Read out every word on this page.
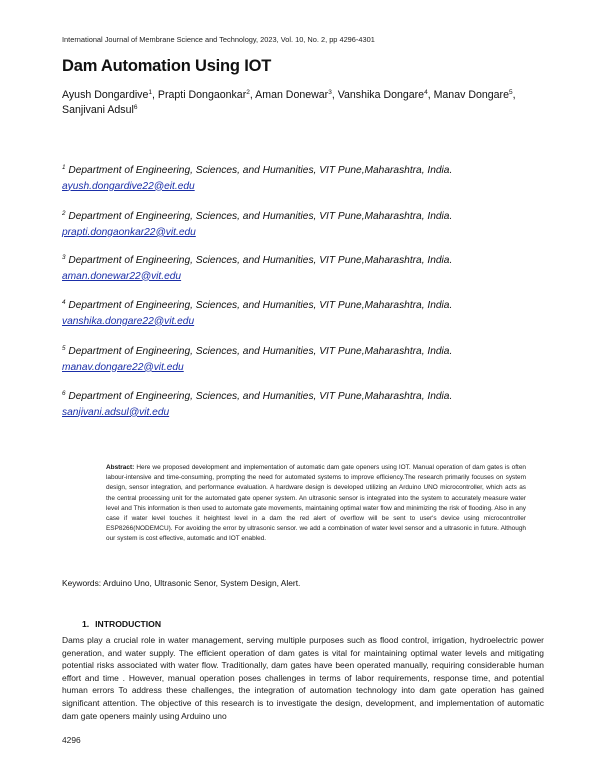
International Journal of Membrane Science and Technology, 2023, Vol. 10, No. 2, pp 4296-4301
Dam Automation Using IOT
Ayush Dongardive$^1$, Prapti Dongaonkar$^2$, Aman Donewar$^3$, Vanshika Dongare$^4$, Manav Dongare$^5$,
Sanjivani Adsul$^6$
$^1$ Department of Engineering, Sciences, and Humanities, VIT Pune,Maharashtra, India.
ayush.dongardive22@eit.edu
$^2$ Department of Engineering, Sciences, and Humanities, VIT Pune,Maharashtra, India.
prapti.dongaonkar22@vit.edu
$^3$ Department of Engineering, Sciences, and Humanities, VIT Pune,Maharashtra, India.
aman.donewar22@vit.edu
$^4$ Department of Engineering, Sciences, and Humanities, VIT Pune,Maharashtra, India.
vanshika.dongare22@vit.edu
$^5$ Department of Engineering, Sciences, and Humanities, VIT Pune,Maharashtra, India.
manav.dongare22@vit.edu
$^6$ Department of Engineering, Sciences, and Humanities, VIT Pune,Maharashtra, India.
sanjivani.adsul@vit.edu
Abstract: Here we proposed development and implementation of automatic dam gate openers using IOT. Manual operation of dam gates is often labour-intensive and time-consuming, prompting the need for automated systems to improve efficiency.The research primarily focuses on system design, sensor integration, and performance evaluation. A hardware design is developed utilizing an Arduino UNO microcontroller, which acts as the central processing unit for the automated gate opener system. An ultrasonic sensor is integrated into the system to accurately measure water level and This information is then used to automate gate movements, maintaining optimal water flow and minimizing the risk of flooding. Also in any case if water level touches it heightest level in a dam the red alert of overflow will be sent to user's device using microcontroller ESP8266(NODEMCU). For avoiding the error by ultrasonic sensor. we add a combination of water level sensor and a ultrasonic in future. Although our system is cost effective, automatic and IOT enabled.
Keywords: Arduino Uno, Ultrasonic Senor, System Design, Alert.
1. INTRODUCTION
Dams play a crucial role in water management, serving multiple purposes such as flood control, irrigation, hydroelectric power generation, and water supply. The efficient operation of dam gates is vital for maintaining optimal water levels and mitigating potential risks associated with water flow. Traditionally, dam gates have been operated manually, requiring considerable human effort and time . However, manual operation poses challenges in terms of labor requirements, response time, and potential human errors To address these challenges, the integration of automation technology into dam gate operation has gained significant attention. The objective of this research is to investigate the design, development, and implementation of automatic dam gate openers mainly using Arduino uno
4296
